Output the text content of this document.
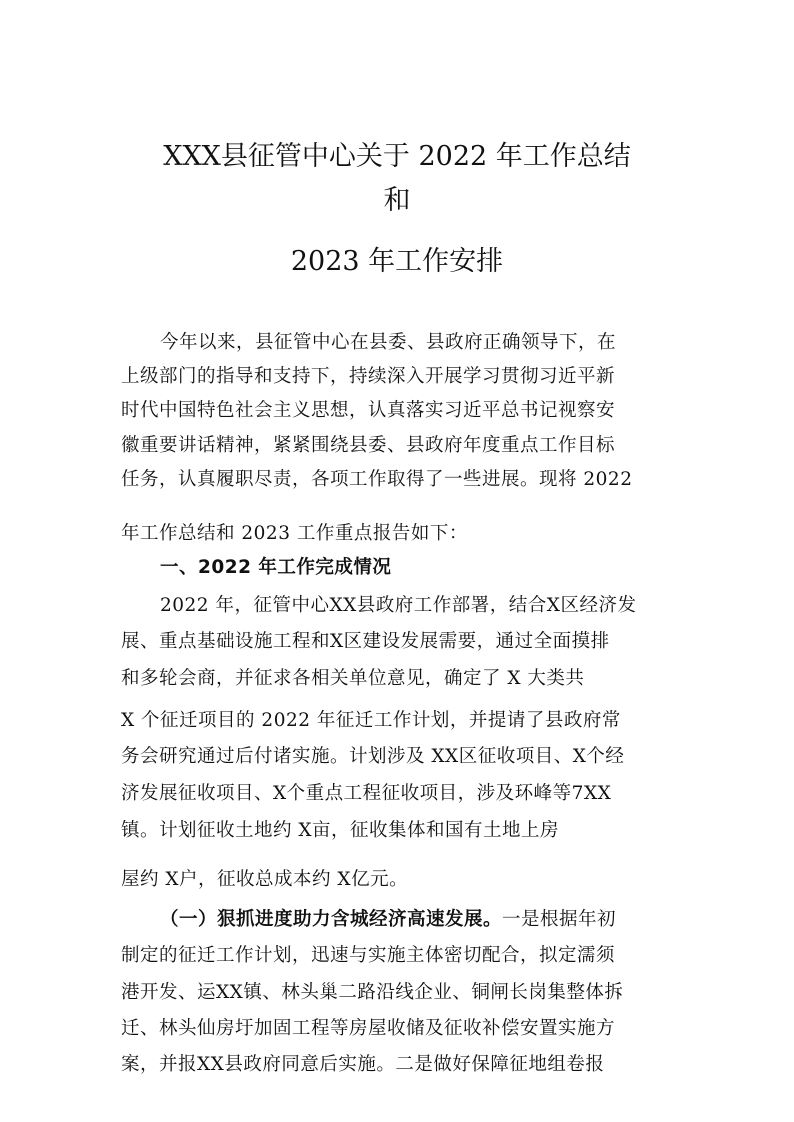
XXX县征管中心关于 2022 年工作总结
和
2023 年工作安排
今年以来，县征管中心在县委、县政府正确领导下，在
上级部门的指导和支持下，持续深入开展学习贯彻习近平新
时代中国特色社会主义思想，认真落实习近平总书记视察安
徽重要讲话精神，紧紧围绕县委、县政府年度重点工作目标
任务，认真履职尽责，各项工作取得了一些进展。现将 2022
年工作总结和 2023 工作重点报告如下：
一、2022 年工作完成情况
2022 年，征管中心XX县政府工作部署，结合X区经济发
展、重点基础设施工程和X区建设发展需要，通过全面摸排
和多轮会商，并征求各相关单位意见，确定了 X 大类共
X 个征迁项目的 2022 年征迁工作计划，并提请了县政府常
务会研究通过后付诸实施。计划涉及 XX区征收项目、X个经
济发展征收项目、X个重点工程征收项目，涉及环峰等7XX
镇。计划征收土地约 X亩，征收集体和国有土地上房
屋约 X户，征收总成本约 X亿元。
（一）狠抓进度助力含城经济高速发展。一是根据年初
制定的征迁工作计划，迅速与实施主体密切配合，拟定濡须
港开发、运XX镇、林头巢二路沿线企业、铜闸长岗集整体拆
迁、林头仙房圩加固工程等房屋收储及征收补偿安置实施方
案，并报XX县政府同意后实施。二是做好保障征地组卷报
